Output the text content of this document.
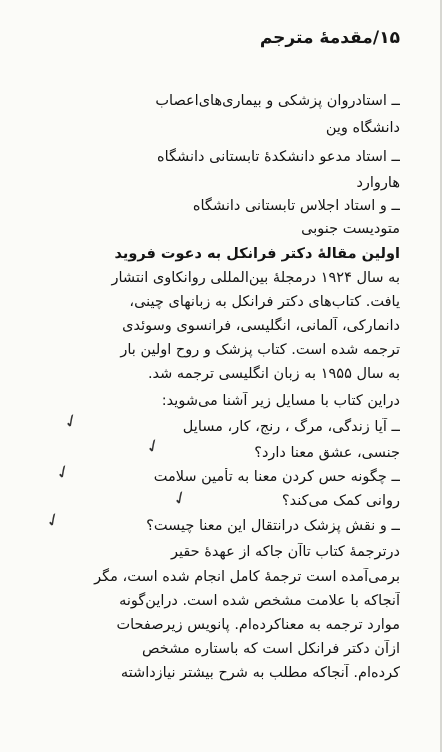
۱۵/مقدمهٔ مترجم
ــ استادروان پزشکی و بیماری‌های‌اعصاب
دانشگاه وین
ــ استاد مدعو دانشکدهٔ تابستانی دانشگاه
هاروارد
ــ و استاد اجلاس تابستانی دانشگاه
متودیست جنوبی
اولین مقالهٔ دکتر فرانکل به دعوت فروید
به سال ۱۹۲۴ درمجلهٔ بین‌المللی روانکاوی انتشار
یافت. کتاب‌های دکتر فرانکل به زبانهای چینی،
دانمارکی، آلمانی، انگلیسی، فرانسوی وسوئدی
ترجمه شده است. کتاب پزشک و روح اولین بار
به سال ۱۹۵۵ به زبان انگلیسی ترجمه شد.
دراین کتاب با مسایل زیر آشنا می‌شوید:
ــ آیا زندگی، مرگ ، رنج، کار، مسایل
جنسی، عشق معنا دارد؟
ــ چگونه حس کردن معنا به تأمین سلامت
روانی کمک می‌کند؟
ــ و نقش پزشک درانتقال این معنا چیست؟
درترجمهٔ کتاب تاآن جاکه از عهدهٔ حقیر
برمی‌آمده است ترجمهٔ کامل انجام شده است، مگر
آنجاکه با علامت مشخص شده است. دراین‌گونه
موارد ترجمه به معناکرده‌ام. پانویس زیرصفحات
ازآن دکتر فرانکل است که باستاره مشخص
کرده‌ام. آنجاکه مطلب به شرح بیشتر نیازداشته
✓
✓
✓
✓
✓
